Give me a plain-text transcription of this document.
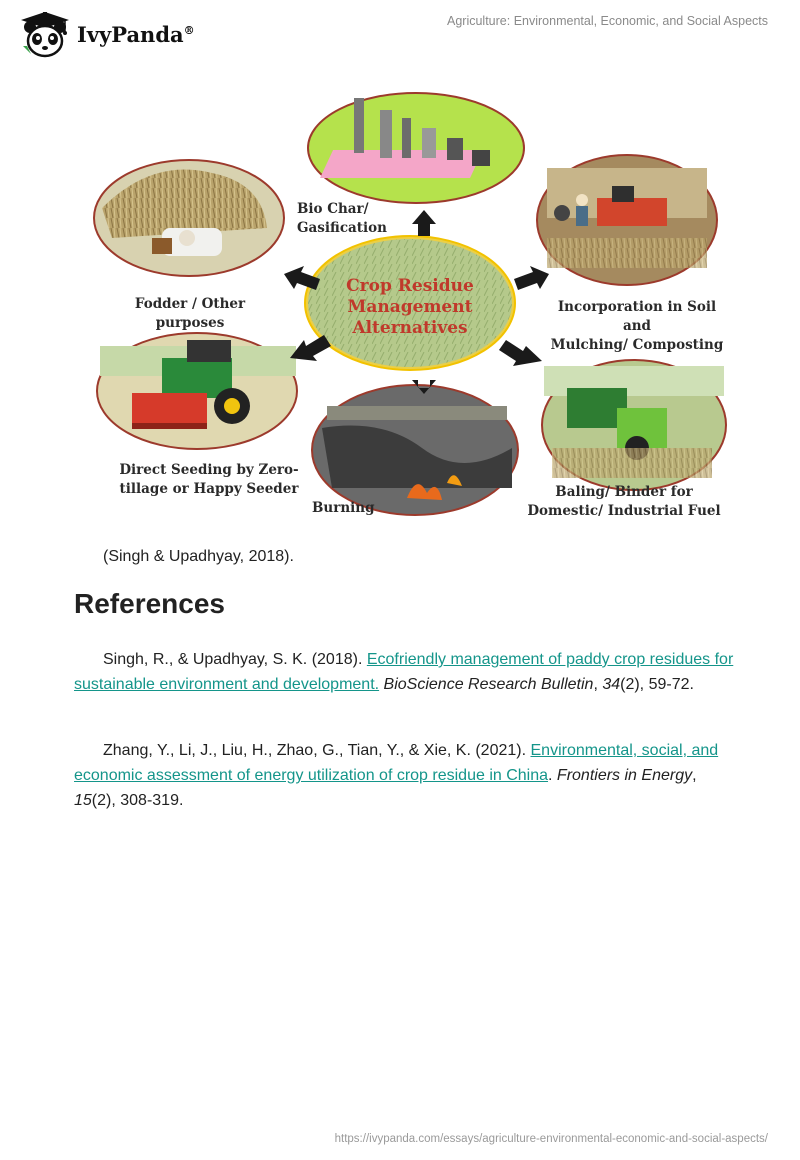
IvyPanda®
Agriculture: Environmental, Economic, and Social Aspects
Crop Residue
Management
Alternatives
Bio Char/
Gasification
Fodder / Other
purposes
Incorporation in Soil and
Mulching/ Composting
Direct Seeding by Zero-
tillage or Happy Seeder
Burning
Baling/ Binder for
Domestic/ Industrial Fuel
(Singh & Upadhyay, 2018).
References

Singh, R., & Upadhyay, S. K. (2018). Ecofriendly management of paddy crop residues for sustainable environment and development. BioScience Research Bulletin, 34(2), 59-72.

Zhang, Y., Li, J., Liu, H., Zhao, G., Tian, Y., & Xie, K. (2021). Environmental, social, and economic assessment of energy utilization of crop residue in China. Frontiers in Energy, 15(2), 308-319.

https://ivypanda.com/essays/agriculture-environmental-economic-and-social-aspects/
